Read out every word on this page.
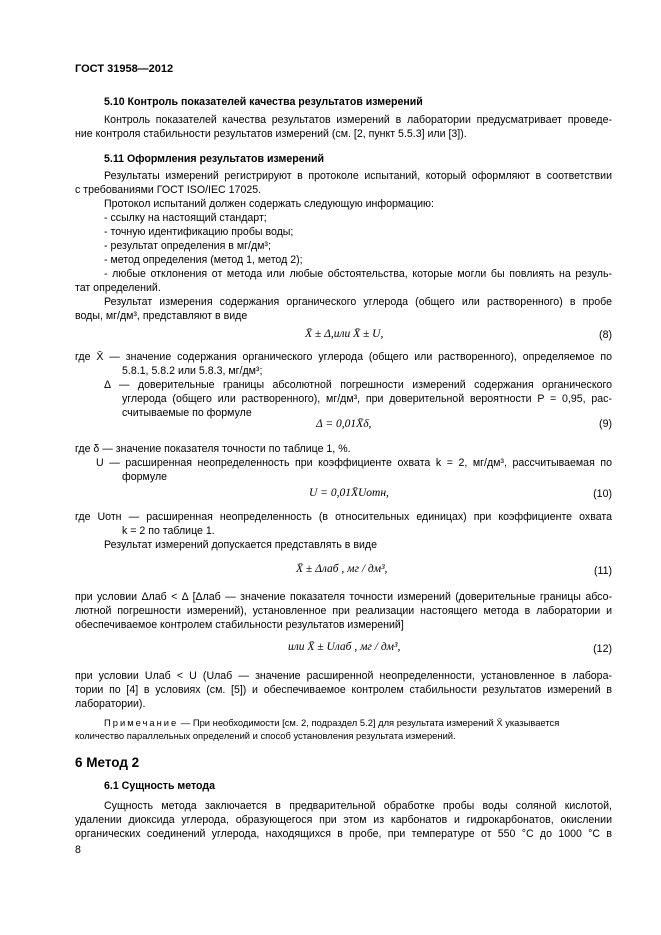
ГОСТ 31958—2012
5.10 Контроль показателей качества результатов измерений
Контроль показателей качества результатов измерений в лаборатории предусматривает проведе-
ние контроля стабильности результатов измерений (см. [2, пункт 5.5.3] или [3]).
5.11 Оформления результатов измерений
Результаты измерений регистрируют в протоколе испытаний, который оформляют в соответствии
с требованиями ГОСТ ISO/IEC 17025.
Протокол испытаний должен содержать следующую информацию:
- ссылку на настоящий стандарт;
- точную идентификацию пробы воды;
- результат определения в мг/дм³;
- метод определения (метод 1, метод 2);
- любые отклонения от метода или любые обстоятельства, которые могли бы повлиять на резуль-
тат определений.
Результат измерения содержания органического углерода (общего или растворенного) в пробе
воды, мг/дм³, представляют в виде
X̄ ± Δ,или X̄ ± U,	(8)
где X̄ — значение содержания органического углерода (общего или растворенного), определяемое по
5.8.1, 5.8.2 или 5.8.3, мг/дм³;
Δ — доверительные границы абсолютной погрешности измерений содержания органического
углерода (общего или растворенного), мг/дм³, при доверительной вероятности P = 0,95, рас-
считываемые по формуле
Δ = 0,01X̄δ,	(9)
где δ — значение показателя точности по таблице 1, %.
U — расширенная неопределенность при коэффициенте охвата k = 2, мг/дм³, рассчитываемая по
формуле
U = 0,01X̄Uотн,	(10)
где Uотн — расширенная неопределенность (в относительных единицах) при коэффициенте охвата
k = 2 по таблице 1.
Результат измерений допускается представлять в виде
X̄ ± Δлаб , мг / дм³,	(11)
при условии Δлаб < Δ [Δлаб — значение показателя точности измерений (доверительные границы абсо-
лютной погрешности измерений), установленное при реализации настоящего метода в лаборатории и
обеспечиваемое контролем стабильности результатов измерений]
или X̄ ± Uлаб , мг / дм³,	(12)
при условии Uлаб < U (Uлаб — значение расширенной неопределенности, установленное в лабора-
тории по [4] в условиях (см. [5]) и обеспечиваемое контролем стабильности результатов измерений в
лаборатории).
Примечание — При необходимости [см. 2, подраздел 5.2] для результата измерений X̄ указывается
количество параллельных определений и способ установления результата измерений.
6 Метод 2
6.1 Сущность метода
Сущность метода заключается в предварительной обработке пробы воды соляной кислотой,
удалении диоксида углерода, образующегося при этом из карбонатов и гидрокарбонатов, окислении
органических соединений углерода, находящихся в пробе, при температуре от 550 °С до 1000 °С в
8
